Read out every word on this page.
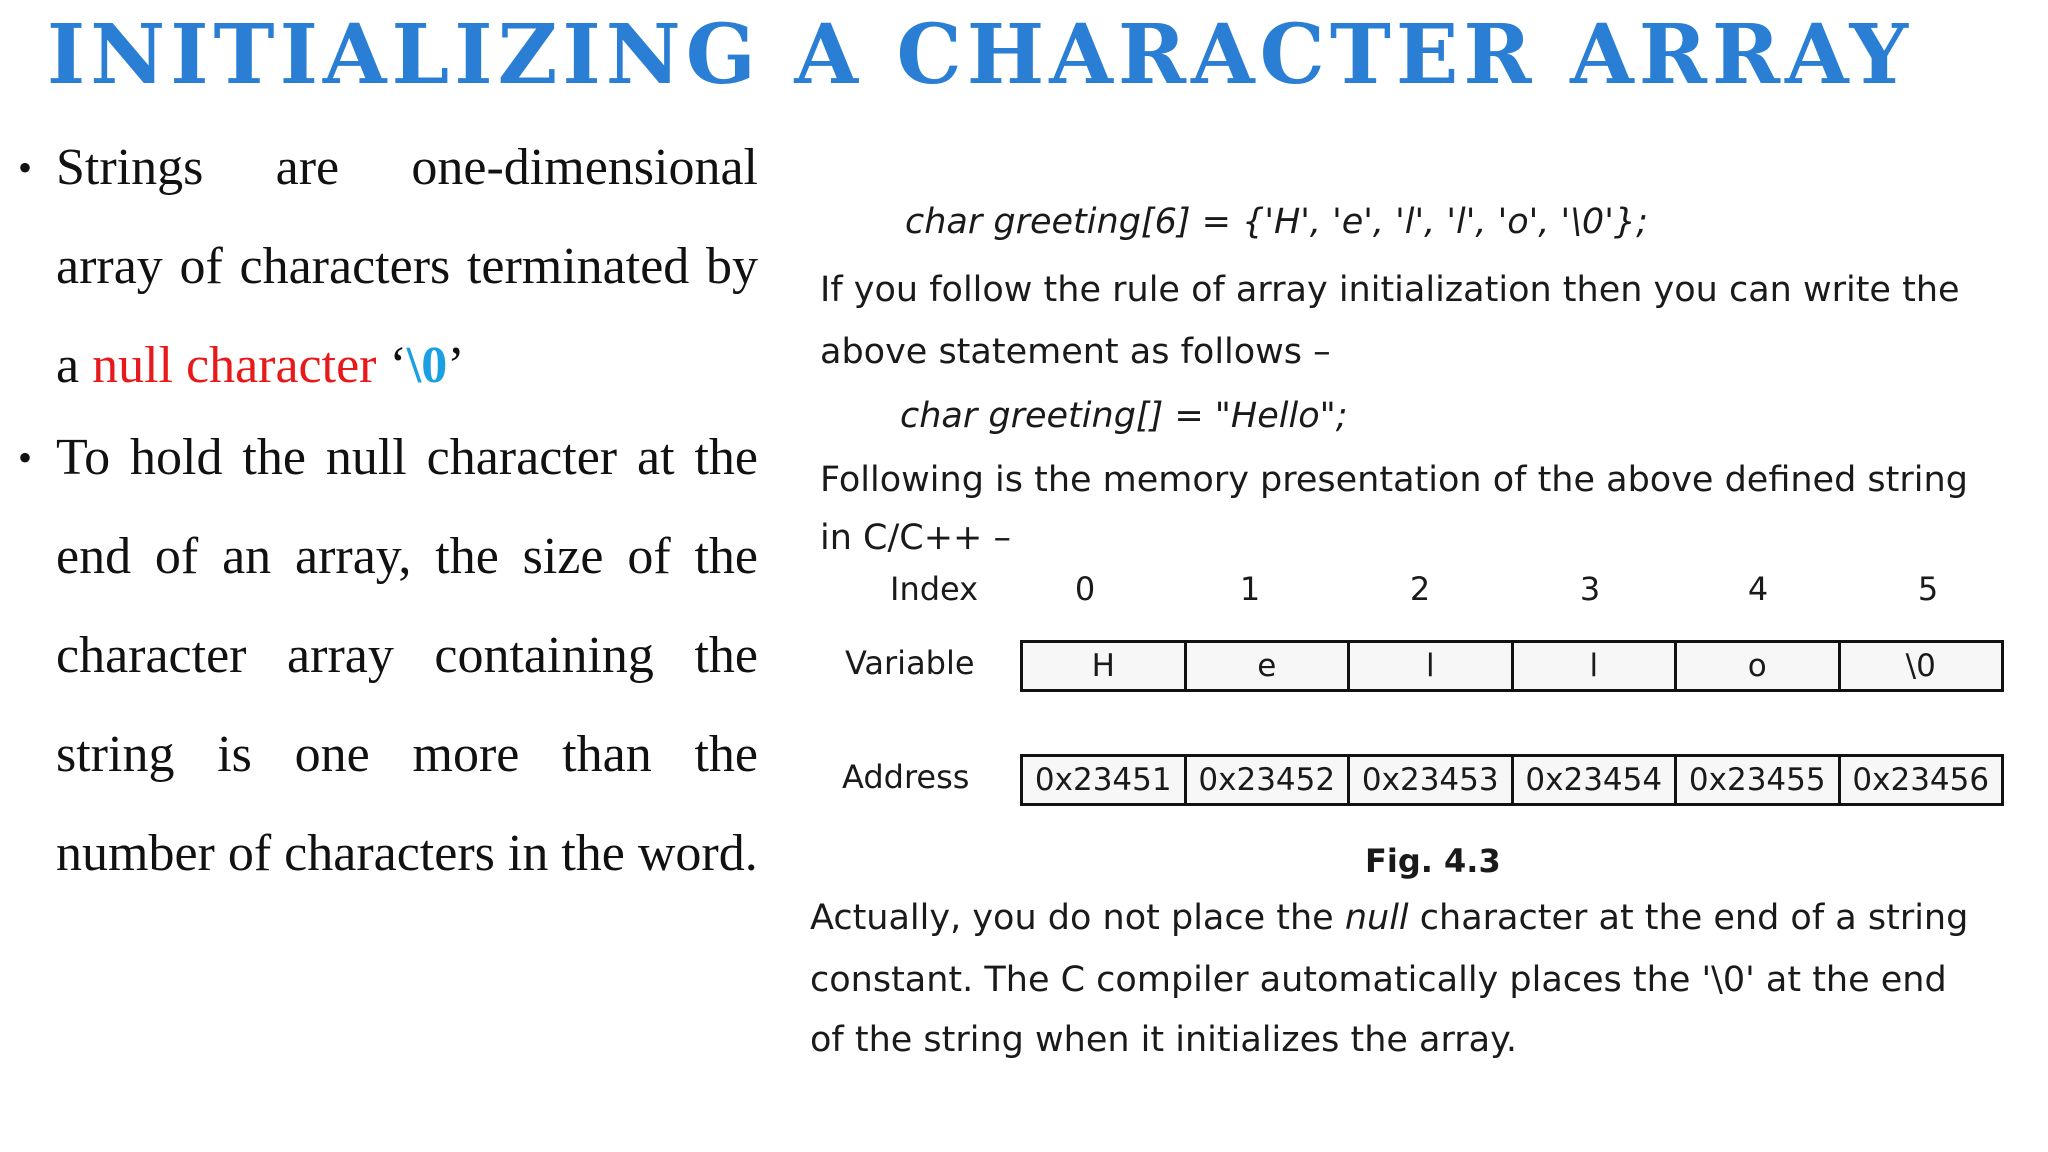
INITIALIZING A CHARACTER ARRAY
• Strings are one-dimensional array of characters terminated by a null character ‘\0’
• To hold the null character at the end of an array, the size of the character array containing the string is one more than the number of characters in the word.
char greeting[6] = {'H', 'e', 'l', 'l', 'o', '\0'};
If you follow the rule of array initialization then you can write the
above statement as follows –
char greeting[] = "Hello";
Following is the memory presentation of the above defined string
in C/C++ –
Index	0	1	2	3	4	5
Variable	H	e	l	l	o	\0
Address	0x23451 0x23452 0x23453 0x23454 0x23455 0x23456
Fig. 4.3
Actually, you do not place the null character at the end of a string
constant. The C compiler automatically places the '\0' at the end
of the string when it initializes the array.
